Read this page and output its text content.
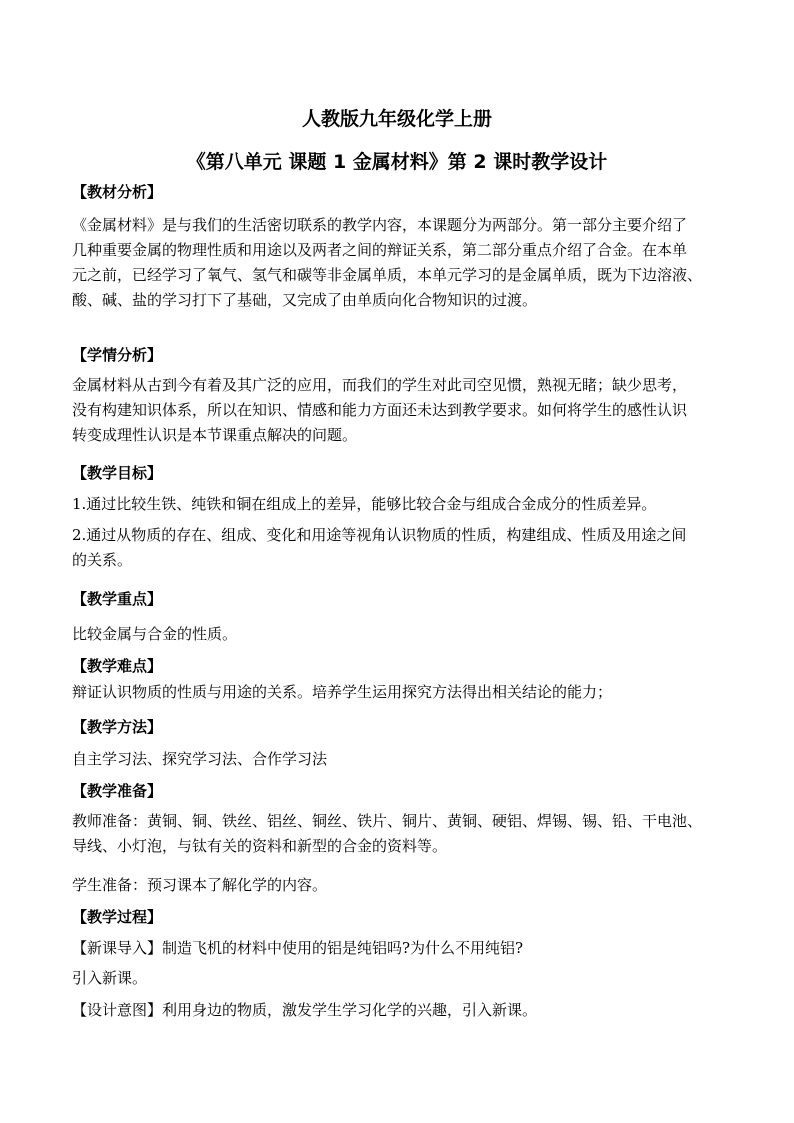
人教版九年级化学上册
《第八单元 课题 1 金属材料》第 2 课时教学设计
【教材分析】
《金属材料》是与我们的生活密切联系的教学内容，本课题分为两部分。第一部分主要介绍了
几种重要金属的物理性质和用途以及两者之间的辩证关系，第二部分重点介绍了合金。在本单
元之前，已经学习了氧气、氢气和碳等非金属单质，本单元学习的是金属单质，既为下边溶液、
酸、碱、盐的学习打下了基础，又完成了由单质向化合物知识的过渡。
【学情分析】
金属材料从古到今有着及其广泛的应用，而我们的学生对此司空见惯，熟视无睹；缺少思考，
没有构建知识体系，所以在知识、情感和能力方面还未达到教学要求。如何将学生的感性认识
转变成理性认识是本节课重点解决的问题。
【教学目标】
1.通过比较生铁、纯铁和铜在组成上的差异，能够比较合金与组成合金成分的性质差异。
2.通过从物质的存在、组成、变化和用途等视角认识物质的性质，构建组成、性质及用途之间
的关系。
【教学重点】
比较金属与合金的性质。
【教学难点】
辩证认识物质的性质与用途的关系。培养学生运用探究方法得出相关结论的能力；
【教学方法】
自主学习法、探究学习法、合作学习法
【教学准备】
教师准备：黄铜、铜、铁丝、铝丝、铜丝、铁片、铜片、黄铜、硬铝、焊锡、锡、铅、干电池、
导线、小灯泡，与钛有关的资料和新型的合金的资料等。
学生准备：预习课本了解化学的内容。
【教学过程】
【新课导入】制造飞机的材料中使用的铝是纯铝吗?为什么不用纯铝?
引入新课。
【设计意图】利用身边的物质，激发学生学习化学的兴趣，引入新课。
